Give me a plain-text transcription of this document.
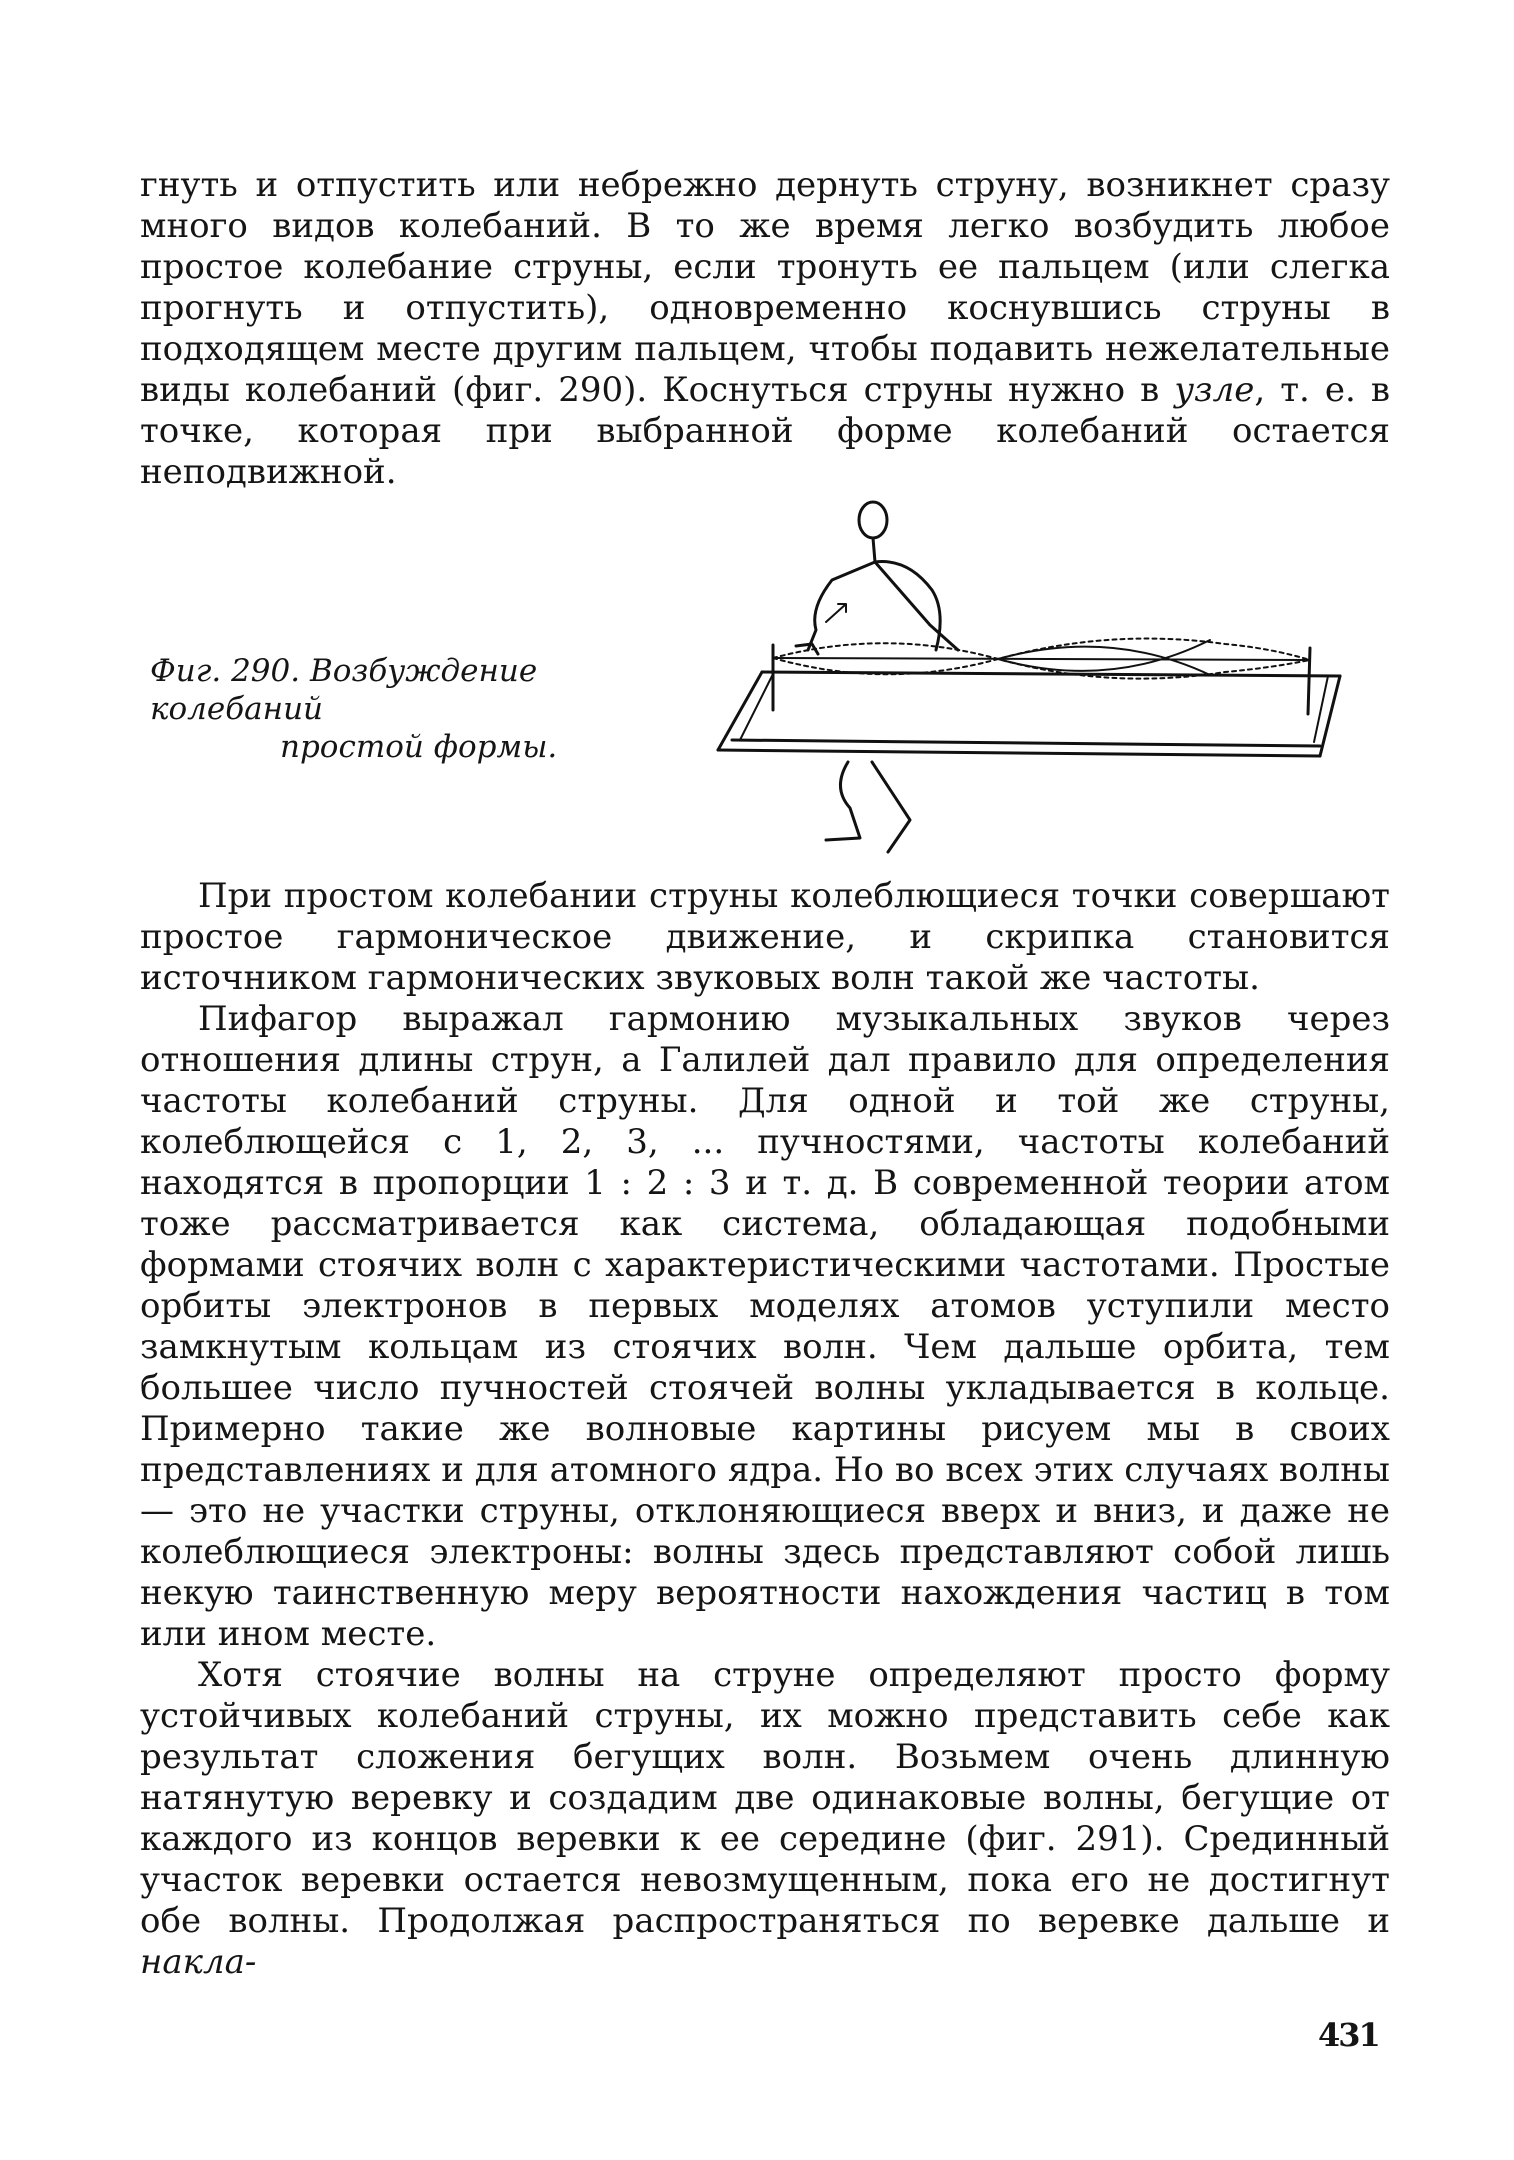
гнуть и отпустить или небрежно дернуть струну, возникнет сразу много видов колебаний. В то же время легко возбудить любое простое колебание струны, если тронуть ее пальцем (или слегка прогнуть и отпустить), одновременно коснувшись струны в подходящем месте другим пальцем, чтобы подавить нежелательные виды колебаний (фиг. 290). Коснуться струны нужно в узле, т. е. в точке, которая при выбранной форме колебаний остается неподвижной.

Фиг. 290. Возбуждение колебаний
простой формы.

При простом колебании струны колеблющиеся точки совершают простое гармоническое движение, и скрипка становится источником гармонических звуковых волн такой же частоты.

Пифагор выражал гармонию музыкальных звуков через отношения длины струн, а Галилей дал правило для определения частоты колебаний струны. Для одной и той же струны, колеблющейся с 1, 2, 3, ... пучностями, частоты колебаний находятся в пропорции 1 : 2 : 3 и т. д. В современной теории атом тоже рассматривается как система, обладающая подобными формами стоячих волн с характеристическими частотами. Простые орбиты электронов в первых моделях атомов уступили место замкнутым кольцам из стоячих волн. Чем дальше орбита, тем большее число пучностей стоячей волны укладывается в кольце. Примерно такие же волновые картины рисуем мы в своих представлениях и для атомного ядра. Но во всех этих случаях волны — это не участки струны, отклоняющиеся вверх и вниз, и даже не колеблющиеся электроны: волны здесь представляют собой лишь некую таинственную меру вероятности нахождения частиц в том или ином месте.

Хотя стоячие волны на струне определяют просто форму устойчивых колебаний струны, их можно представить себе как результат сложения бегущих волн. Возьмем очень длинную натянутую веревку и создадим две одинаковые волны, бегущие от каждого из концов веревки к ее середине (фиг. 291). Срединный участок веревки остается невозмущенным, пока его не достигнут обе волны. Продолжая распространяться по веревке дальше и накла-

431
